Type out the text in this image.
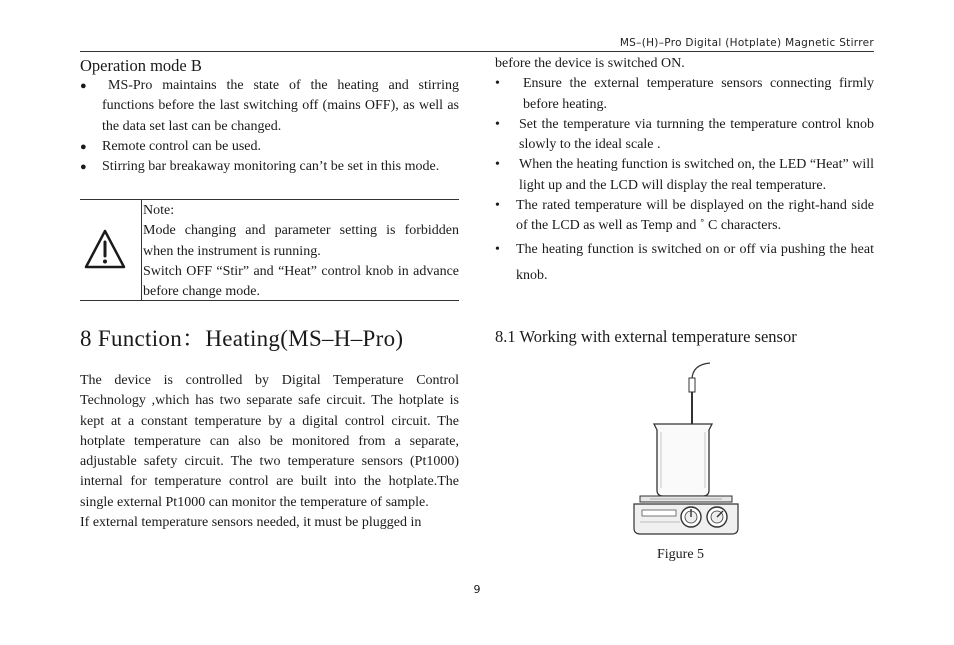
MS–(H)–Pro Digital (Hotplate) Magnetic Stirrer
Operation mode B
●	MS-Pro maintains the state of the heating and stirring functions before the last switching off (mains OFF), as well as the data set last can be changed.
●	Remote control can be used.
●	Stirring bar breakaway monitoring can’t be set in this mode.

Note:

Mode changing and parameter setting is forbidden when the instrument is running.

Switch OFF “Stir” and “Heat” control knob in advance before change mode.

8 Function：Heating(MS–H–Pro)

The device is controlled by Digital Temperature Control Technology ,which has two separate safe circuit. The hotplate is kept at a constant temperature by a digital control circuit. The hotplate temperature can also be monitored from a separate, adjustable safety circuit. The two temperature sensors (Pt1000) internal for temperature control are built into the hotplate.The single external Pt1000 can monitor the temperature of sample.

If external temperature sensors needed, it must be plugged in

before the device is switched ON.

•	Ensure the external temperature sensors connecting firmly before heating.
•	Set the temperature via turnning the temperature control knob slowly to the ideal scale .
•	When the heating function is switched on, the LED “Heat” will light up and the LCD will display the real temperature.
•	The rated temperature will be displayed on the right-hand side of the LCD as well as Temp and ˚ C characters.
•	The heating function is switched on or off via pushing the heat knob.
8.1 Working with external temperature sensor
Figure 5
9
